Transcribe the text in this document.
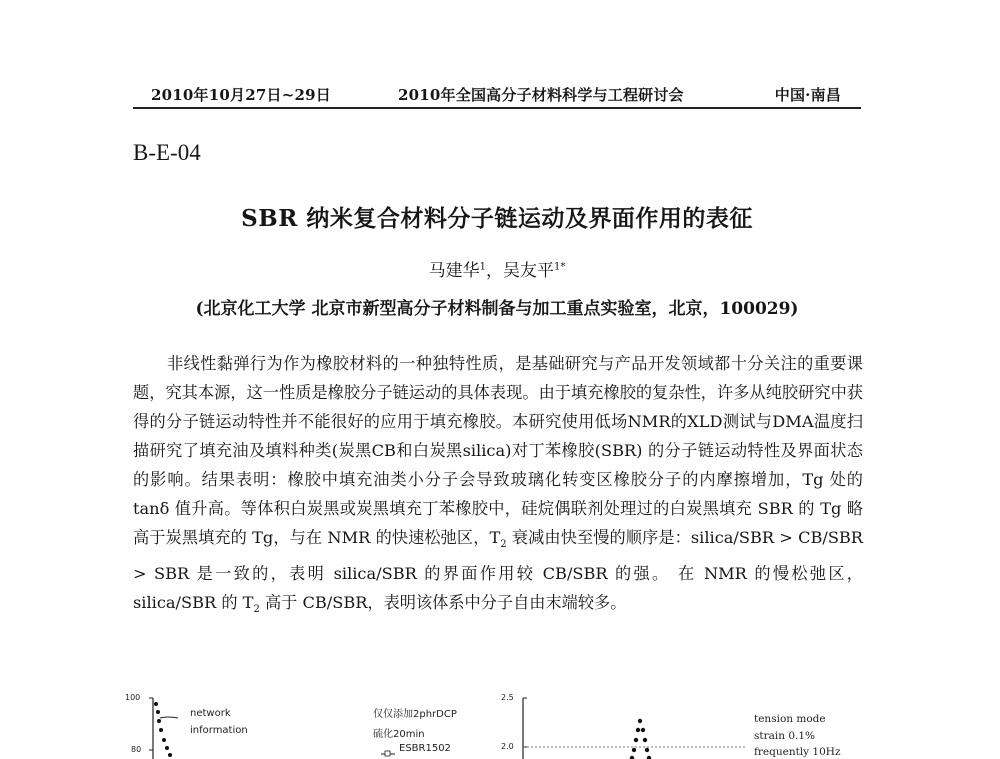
2010年10月27日~29日	2010年全国高分子材料科学与工程研讨会	中国·南昌
B-E-04
SBR 纳米复合材料分子链运动及界面作用的表征
马建华$^1$，吴友平$^{1*}$
(北京化工大学 北京市新型高分子材料制备与加工重点实验室，北京，100029)

非线性黏弹行为作为橡胶材料的一种独特性质，是基础研究与产品开发领域都十分关注的重要课题，究其本源，这一性质是橡胶分子链运动的具体表现。由于填充橡胶的复杂性，许多从纯胶研究中获得的分子链运动特性并不能很好的应用于填充橡胶。本研究使用低场NMR的XLD测试与DMA温度扫描研究了填充油及填料种类(炭黑CB和白炭黑silica)对丁苯橡胶(SBR) 的分子链运动特性及界面状态的影响。结果表明：橡胶中填充油类小分子会导致玻璃化转变区橡胶分子的内摩擦增加，Tg 处的 tanδ 值升高。等体积白炭黑或炭黑填充丁苯橡胶中，硅烷偶联剂处理过的白炭黑填充 SBR 的 Tg 略高于炭黑填充的 Tg，与在 NMR 的快速松弛区，$T_2$ 衰减由快至慢的顺序是：silica/SBR > CB/SBR > SBR 是一致的，表明 silica/SBR 的界面作用较 CB/SBR 的强。 在 NMR 的慢松弛区，silica/SBR 的 $T_2$ 高于 CB/SBR，表明该体系中分子自由末端较多。

100
80
network
information
仅仅添加2phrDCP
硫化20min
ESBR1502
2.5
2.0
tension mode
strain 0.1%
frequently 10Hz
